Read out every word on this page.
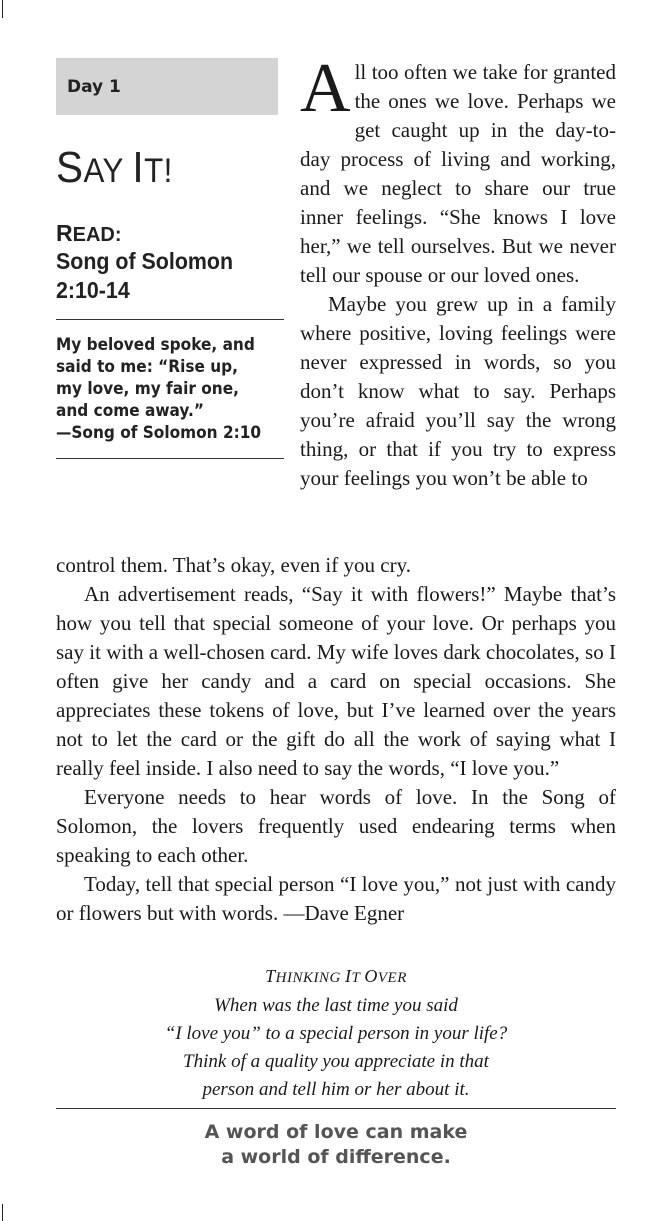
Day 1
SAY IT!
READ:
Song of Solomon
2:10-14
My beloved spoke, and
said to me: “Rise up,
my love, my fair one,
and come away.”
—Song of Solomon 2:10

All too often we take for granted the ones we love. Perhaps we get caught up in the day-to-day process of living and working, and we neglect to share our true inner feelings. “She knows I love her,” we tell ourselves. But we never tell our spouse or our loved ones.

Maybe you grew up in a family where positive, loving feelings were never expressed in words, so you don’t know what to say. Perhaps you’re afraid you’ll say the wrong thing, or that if you try to express your feelings you won’t be able to

control them. That’s okay, even if you cry.

An advertisement reads, “Say it with flowers!” Maybe that’s how you tell that special someone of your love. Or perhaps you say it with a well-chosen card. My wife loves dark chocolates, so I often give her candy and a card on special occasions. She appreciates these tokens of love, but I’ve learned over the years not to let the card or the gift do all the work of saying what I really feel inside. I also need to say the words, “I love you.”

Everyone needs to hear words of love. In the Song of Solomon, the lovers frequently used endearing terms when speaking to each other.

Today, tell that special person “I love you,” not just with candy or flowers but with words. —Dave Egner

THINKING IT OVER
When was the last time you said
“I love you” to a special person in your life?
Think of a quality you appreciate in that
person and tell him or her about it.
A word of love can make
a world of difference.
